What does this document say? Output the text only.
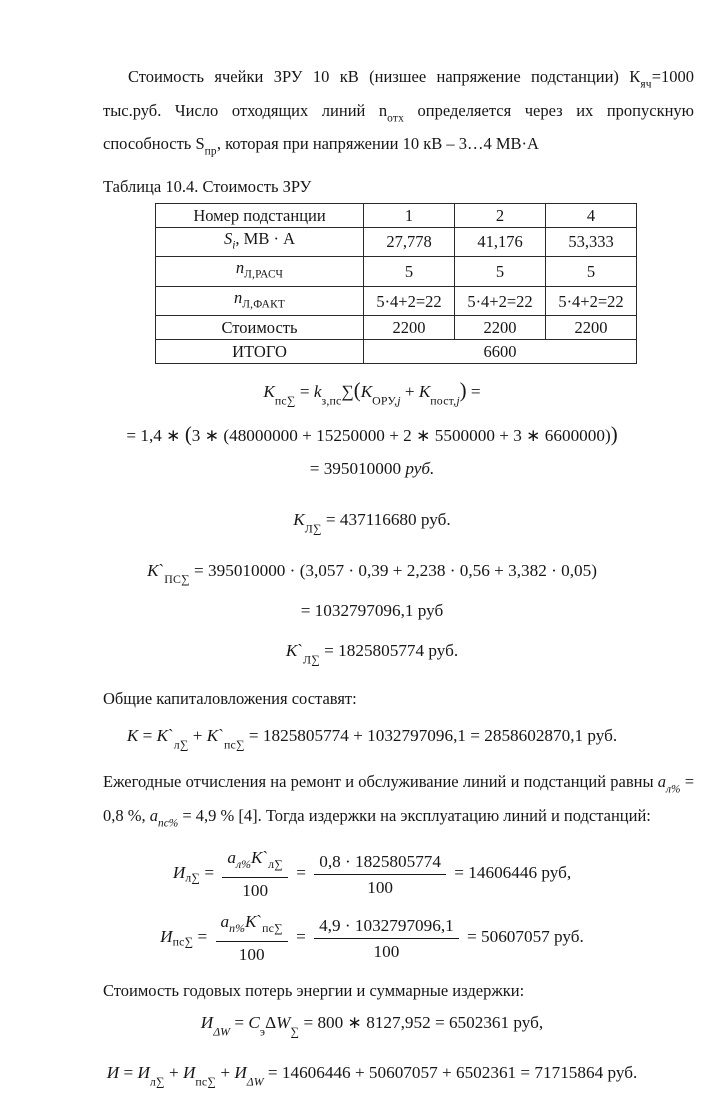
Стоимость ячейки ЗРУ 10 кВ (низшее напряжение подстанции) $К_{яч}=1000$ тыс.руб. Число отходящих линий $n_{отх}$ определяется через их пропускную способность $S_{пр}$, которая при напряжении 10 кВ – 3…4 МВ·А

Таблица 10.4. Стоимость ЗРУ
Номер подстанции	1	2	4
$S_i$, МВ · А	27,778	41,176	53,333
$n_{Л,РАСЧ}$	5	5	5
$n_{Л,ФАКТ}$	5·4+2=22	5·4+2=22	5·4+2=22
Стоимость	2200	2200	2200
ИТОГО	6600		
$К_{пс\sum} = k_{з,пс}\sum(К_{ОРУ,j} + К_{пост,j})$ =
= 1,4 ∗ (3 ∗ (48000000 + 15250000 + 2 ∗ 5500000 + 3 ∗ 6600000))
= 395010000 руб.
$К_{Л\sum} = 437116680$ руб.
$К`_{ПС\sum} = 395010000 \cdot (3,057 \cdot 0,39 + 2,238 \cdot 0,56 + 3,382 \cdot 0,05)$
= 1032797096,1 руб
$К`_{Л\sum} = 1825805774$ руб.

Общие капиталовложения составят:

$К = К`_{л\sum}$ + $К`_{пс\sum} = 1825805774 + 1032797096,1 = 2858602870,1$ руб.

Ежегодные отчисления на ремонт и обслуживание линий и подстанций равны $а_{л\%} = 0,8$ %, $а_{пс\%} = 4,9$ % [4]. Тогда издержки на эксплуатацию линий и подстанций:

$Ил\sum = \frac{а_{л\%}К`_{л\sum}}{100} = \frac{0,8 \cdot 1825805774}{100} = 14606446$ руб,
$Ипс\sum = \frac{а_{п\%}К`_{пс\sum}}{100} = \frac{4,9 \cdot 1032797096,1}{100} = 50607057$ руб.

Стоимость годовых потерь энергии и суммарные издержки:

$И_{\Delta W} = C_э\Delta W_\sum = 800$ ∗ 8127,952 = 6502361 руб,
$И = И_{л\sum} + И_{пс\sum} + И_{\Delta W} = 14606446 + 50607057 + 6502361 = 71715864$ руб.
